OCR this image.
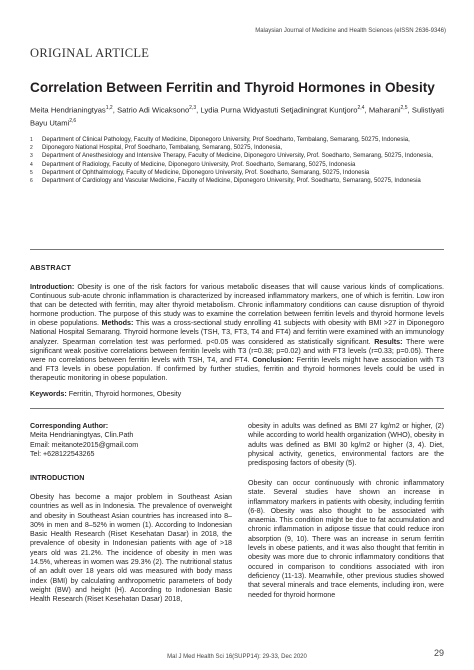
Malaysian Journal of Medicine and Health Sciences (eISSN 2636-9346)
ORIGINAL ARTICLE
Correlation Between Ferritin and Thyroid Hormones in Obesity
Meita Hendrianingtyas$^{1,2}$, Satrio Adi Wicaksono$^{2,3}$, Lydia Purna Widyastuti Setjadiningrat Kuntjoro$^{2,4}$, Maharani$^{2,5}$, Sulistiyati Bayu Utami$^{2,6}$
1 Department of Clinical Pathology, Faculty of Medicine, Diponegoro University, Prof Soedharto, Tembalang, Semarang, 50275, Indonesia,
2 Diponegoro National Hospital, Prof Soedharto, Tembalang, Semarang, 50275, Indonesia,
3 Department of Anesthesiology and Intensive Therapy, Faculty of Medicine, Diponegoro University, Prof. Soedharto, Semarang, 50275, Indonesia,
4 Department of Radiology, Faculty of Medicine, Diponegoro University, Prof. Soedharto, Semarang, 50275, Indonesia
5 Department of Ophthalmology, Faculty of Medicine, Diponegoro University, Prof. Soedharto, Semarang, 50275, Indonesia
6 Department of Cardiology and Vascular Medicine, Faculty of Medicine, Diponegoro University, Prof. Soedharto, Semarang, 50275, Indonesia
ABSTRACT
Introduction: Obesity is one of the risk factors for various metabolic diseases that will cause various kinds of complications. Continuous sub-acute chronic inflammation is characterized by increased inflammatory markers, one of which is ferritin. Low iron that can be detected with ferritin, may alter thyroid metabolism. Chronic inflammatory conditions can cause disruption of thyroid hormone production. The purpose of this study was to examine the correlation between ferritin levels and thyroid hormone levels in obese populations. Methods: This was a cross-sectional study enrolling 41 subjects with obesity with BMI >27 in Diponegoro National Hospital Semarang. Thyroid hormone levels (TSH, T3, FT3, T4 and FT4) and ferritin were examined with an immunology analyzer. Spearman correlation test was performed. p<0.05 was considered as statistically significant. Results: There were significant weak positive correlations between ferritin levels with T3 (r=0.38; p=0.02) and with FT3 levels (r=0.33; p=0.05). There were no correlations between ferritin levels with TSH, T4, and FT4. Conclusion: Ferritin levels might have association with T3 and FT3 levels in obese population. If confirmed by further studies, ferritin and thyroid hormones levels could be used in therapeutic monitoring in obese population.
Keywords: Ferritin, Thyroid hormones, Obesity
Corresponding Author:
Meita Hendrianingtyas, Clin.Path
Email: meitanote2015@gmail.com
Tel: +628122543265
INTRODUCTION
Obesity has become a major problem in Southeast Asian countries as well as in Indonesia. The prevalence of overweight and obesity in Southeast Asian countries has increased into 8–30% in men and 8–52% in women (1). According to Indonesian Basic Health Research (Riset Kesehatan Dasar) in 2018, the prevalence of obesity in Indonesian patients with age of >18 years old was 21.2%. The incidence of obesity in men was 14.5%, whereas in women was 29.3% (2). The nutritional status of an adult over 18 years old was measured with body mass index (BMI) by calculating anthropometric parameters of body weight (BW) and height (H). According to Indonesian Basic Health Research (Riset Kesehatan Dasar) 2018,
obesity in adults was defined as BMI 27 kg/m2 or higher, (2) while according to world health organization (WHO), obesity in adults was defined as BMI 30 kg/m2 or higher (3, 4). Diet, physical activity, genetics, environmental factors are the predisposing factors of obesity (5).
Obesity can occur continuously with chronic inflammatory state. Several studies have shown an increase in inflammatory markers in patients with obesity, including ferritin (6-8). Obesity was also thought to be associated with anaemia. This condition might be due to fat accumulation and chronic inflammation in adipose tissue that could reduce iron absorption (9, 10). There was an increase in serum ferritin levels in obese patients, and it was also thought that ferritin in obesity was more due to chronic inflammatory conditions that occured in comparison to conditions associated with iron deficiency (11-13). Meanwhile, other previous studies showed that several minerals and trace elements, including iron, were needed for thyroid hormone
Mal J Med Health Sci 16(SUPP14): 29-33, Dec 2020	29
